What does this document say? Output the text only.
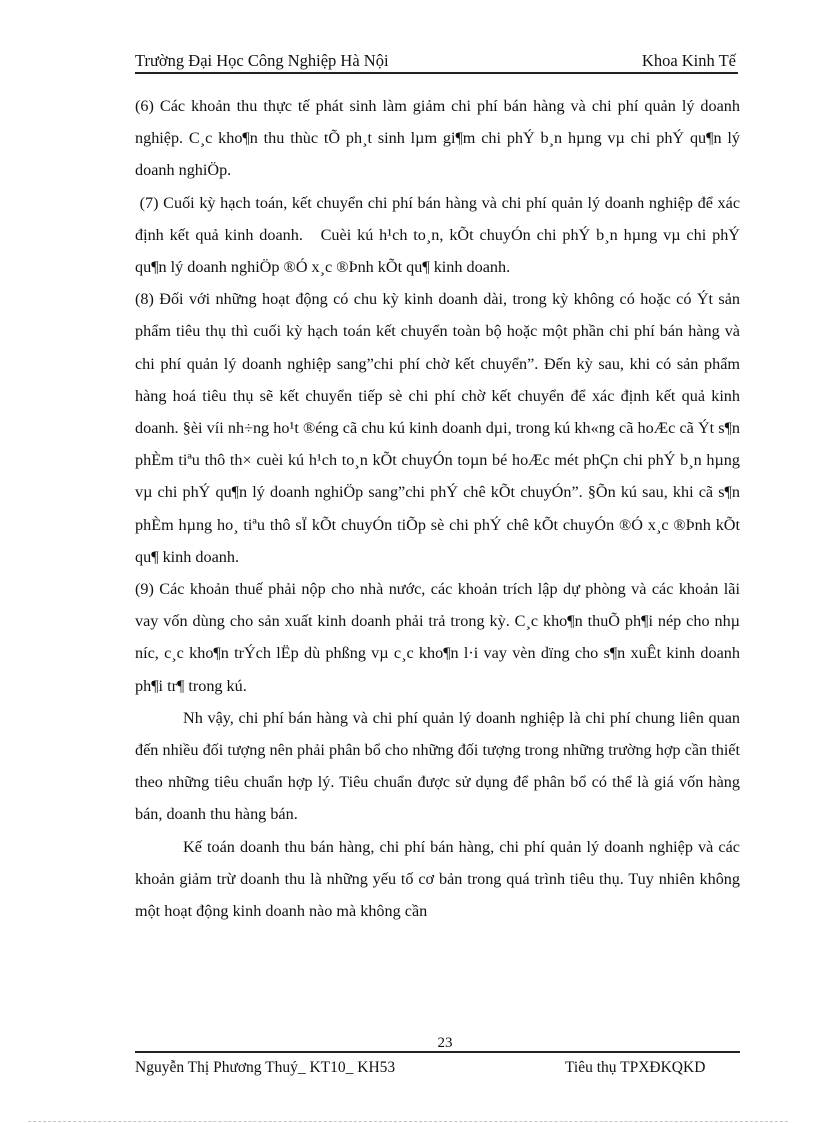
Trường Đại Học Công Nghiệp Hà Nội	Khoa Kinh Tế

(6) Các khoản thu thực tế phát sinh làm giảm chi phí bán hàng và chi phí quản lý doanh nghiệp. C¸c kho¶n thu thùc tÕ ph¸t sinh lµm gi¶m chi phÝ b¸n hµng vµ chi phÝ qu¶n lý doanh nghiÖp.

(7) Cuối kỳ hạch toán, kết chuyển chi phí bán hàng và chi phí quản lý doanh nghiệp để xác định kết quả kinh doanh.   Cuèi kú h¹ch to¸n, kÕt chuyÓn chi phÝ b¸n hµng vµ chi phÝ qu¶n lý doanh nghiÖp ®Ó x¸c ®Þnh kÕt qu¶ kinh doanh.

(8) Đối với những hoạt động có chu kỳ kinh doanh dài, trong kỳ không có hoặc có Ýt sản phẩm tiêu thụ thì cuối kỳ hạch toán kết chuyển toàn bộ hoặc một phần chi phí bán hàng và chi phí quản lý doanh nghiệp sang”chi phí chờ kết chuyển”. Đến kỳ sau, khi có sản phẩm hàng hoá tiêu thụ sẽ kết chuyển tiếp sè chi phí chờ kết chuyển để xác định kết quả kinh doanh. §èi víi nh÷ng ho¹t ®éng cã chu kú kinh doanh dµi, trong kú kh«ng cã hoÆc cã Ýt s¶n phÈm tiªu thô th× cuèi kú h¹ch to¸n kÕt chuyÓn toµn bé hoÆc mét phÇn chi phÝ b¸n hµng vµ chi phÝ qu¶n lý doanh nghiÖp sang”chi phÝ chê kÕt chuyÓn”. §Õn kú sau, khi cã s¶n phÈm hµng ho¸ tiªu thô sÏ kÕt chuyÓn tiÕp sè chi phÝ chê kÕt chuyÓn ®Ó x¸c ®Þnh kÕt qu¶ kinh doanh.

(9) Các khoản thuế phải nộp cho nhà nước, các khoản trích lập dự phòng và các khoản lãi vay vốn dùng cho sản xuất kinh doanh phải trả trong kỳ. C¸c kho¶n thuÕ ph¶i nép cho nhµ níc, c¸c kho¶n trÝch lËp dù phßng vµ c¸c kho¶n l·i vay vèn dïng cho s¶n xuÊt kinh doanh ph¶i tr¶ trong kú.

Nh vậy, chi phí bán hàng và chi phí quản lý doanh nghiệp là chi phí chung liên quan đến nhiều đối tượng nên phải phân bổ cho những đối tượng trong những trường hợp cần thiết theo những tiêu chuẩn hợp lý. Tiêu chuẩn được sử dụng để phân bổ có thể là giá vốn hàng bán, doanh thu hàng bán.

Kế toán doanh thu bán hàng, chi phí bán hàng, chi phí quản lý doanh nghiệp và các khoản giảm trừ doanh thu là những yếu tố cơ bản trong quá trình tiêu thụ. Tuy nhiên không một hoạt động kinh doanh nào mà không cần

23
Nguyễn Thị Phương Thuý_ KT10_ KH53	Tiêu thụ TPXĐKQKD
